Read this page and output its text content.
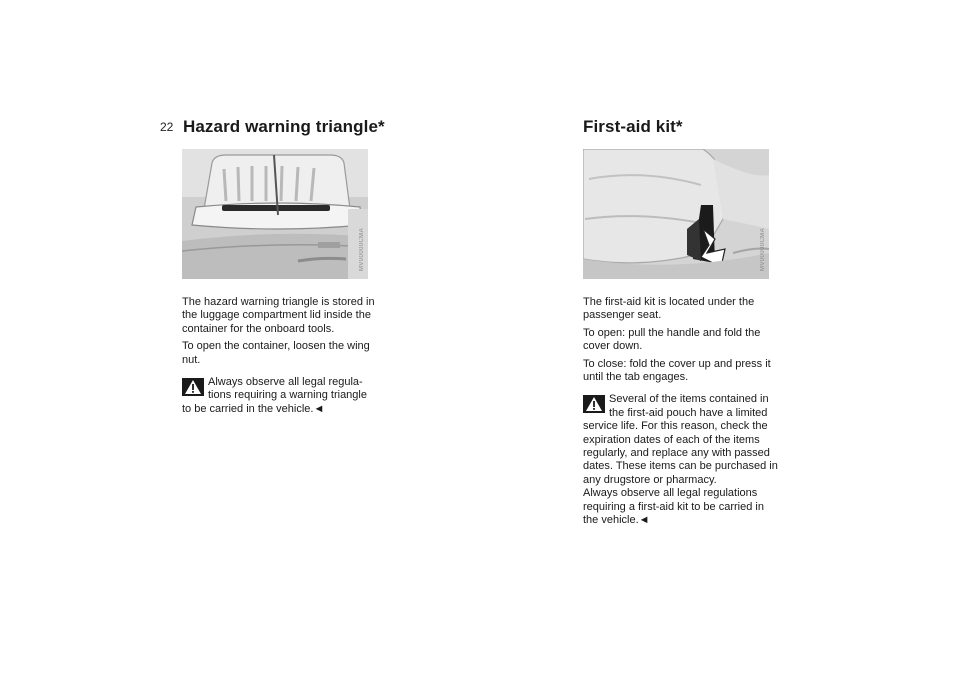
22 Hazard warning triangle*	First-aid kit*
MV00000CMA	MV00000CMA

The hazard warning triangle is stored in the luggage compartment lid inside the container for the onboard tools.

To open the container, loosen the wing nut.

Always observe all legal regula-tions requiring a warning triangle to be carried in the vehicle.◄

The first-aid kit is located under the passenger seat.

To open: pull the handle and fold the cover down.

To close: fold the cover up and press it until the tab engages.

Several of the items contained in the first-aid pouch have a limited service life. For this reason, check the expiration dates of each of the items regularly, and replace any with passed dates. These items can be purchased in any drugstore or pharmacy.

Always observe all legal regulations requiring a first-aid kit to be carried in the vehicle.◄
